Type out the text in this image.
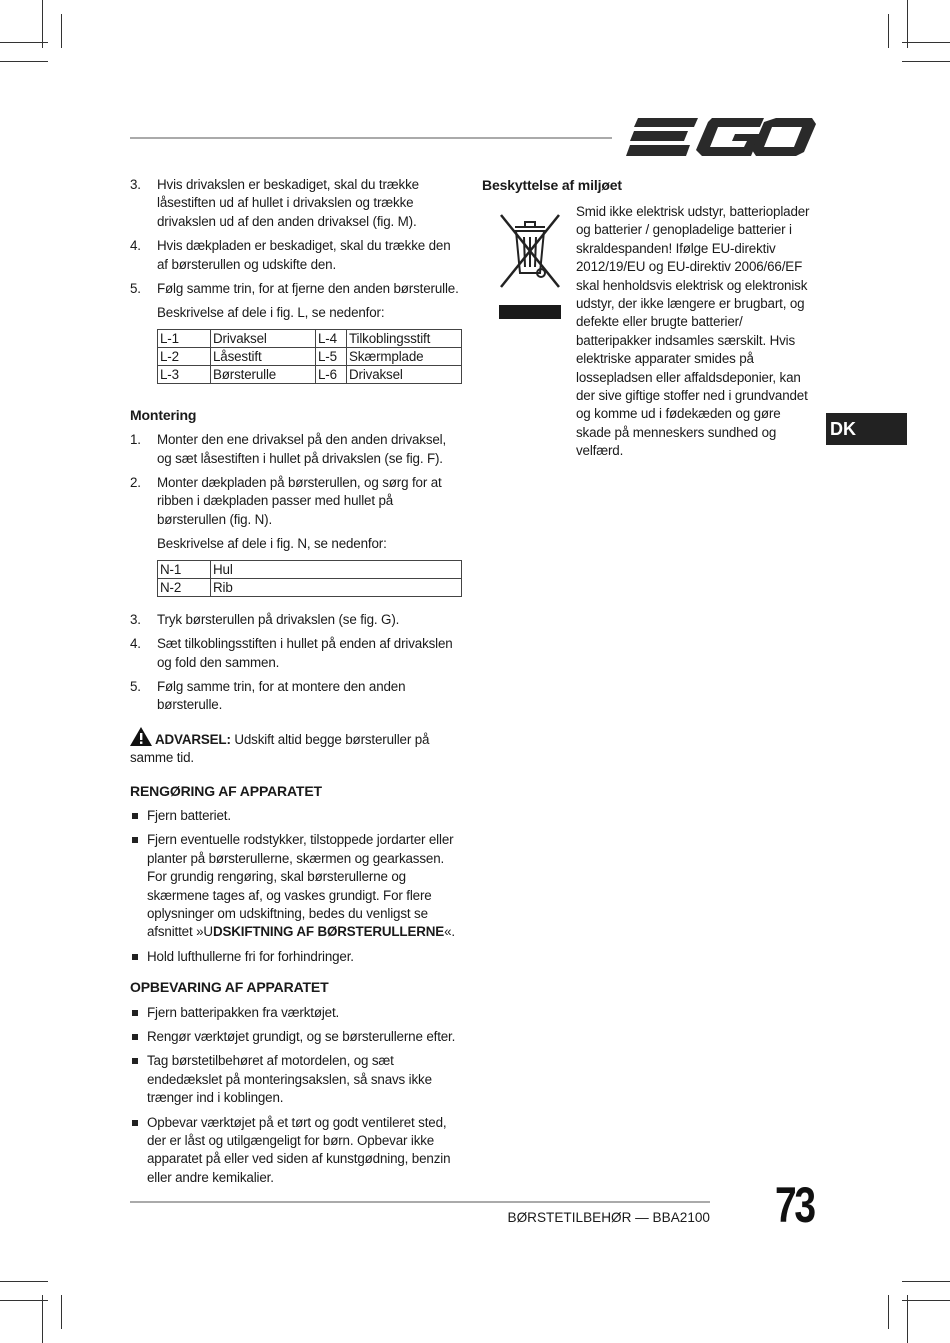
3. Hvis drivakslen er beskadiget, skal du trække låsestiften ud af hullet i drivakslen og trække drivakslen ud af den anden drivaksel (fig. M).
4. Hvis dækpladen er beskadiget, skal du trække den af børsterullen og udskifte den.
5. Følg samme trin, for at fjerne den anden børsterulle.
Beskrivelse af dele i fig. L, se nedenfor:
L-1	Drivaksel	L-4	Tilkoblingsstift
L-2	Låsestift	L-5	Skærmplade
L-3	Børsterulle	L-6	Drivaksel
Montering
1. Monter den ene drivaksel på den anden drivaksel, og sæt låsestiften i hullet på drivakslen (se fig. F).
2. Monter dækpladen på børsterullen, og sørg for at ribben i dækpladen passer med hullet på børsterullen (fig. N).
Beskrivelse af dele i fig. N, se nedenfor:
N-1	Hul
N-2	Rib
3. Tryk børsterullen på drivakslen (se fig. G).
4. Sæt tilkoblingsstiften i hullet på enden af drivakslen og fold den sammen.
5. Følg samme trin, for at montere den anden børsterulle.
ADVARSEL: Udskift altid begge børsteruller på samme tid.
RENGØRING AF APPARATET
Fjern batteriet.
Fjern eventuelle rodstykker, tilstoppede jordarter eller planter på børsterullerne, skærmen og gearkassen. For grundig rengøring, skal børsterullerne og skærmene tages af, og vaskes grundigt. For flere oplysninger om udskiftning, bedes du venligst se afsnittet »UDSKIFTNING AF BØRSTERULLERNE«.
Hold lufthullerne fri for forhindringer.
OPBEVARING AF APPARATET
Fjern batteripakken fra værktøjet.
Rengør værktøjet grundigt, og se børsterullerne efter.
Tag børstetilbehøret af motordelen, og sæt endedækslet på monteringsakslen, så snavs ikke trænger ind i koblingen.
Opbevar værktøjet på et tørt og godt ventileret sted, der er låst og utilgængeligt for børn. Opbevar ikke apparatet på eller ved siden af kunstgødning, benzin eller andre kemikalier.
Beskyttelse af miljøet
Smid ikke elektrisk udstyr, batterioplader og batterier / genopladelige batterier i skraldespanden! Ifølge EU-direktiv 2012/19/EU og EU-direktiv 2006/66/EF skal henholdsvis elektrisk og elektronisk udstyr, der ikke længere er brugbart, og defekte eller brugte batterier/ batteripakker indsamles særskilt. Hvis elektriske apparater smides på lossepladsen eller affaldsdeponier, kan der sive giftige stoffer ned i grundvandet og komme ud i fødekæden og gøre skade på menneskers sundhed og velfærd.
DK
BØRSTETILBEHØR — BBA2100 73
